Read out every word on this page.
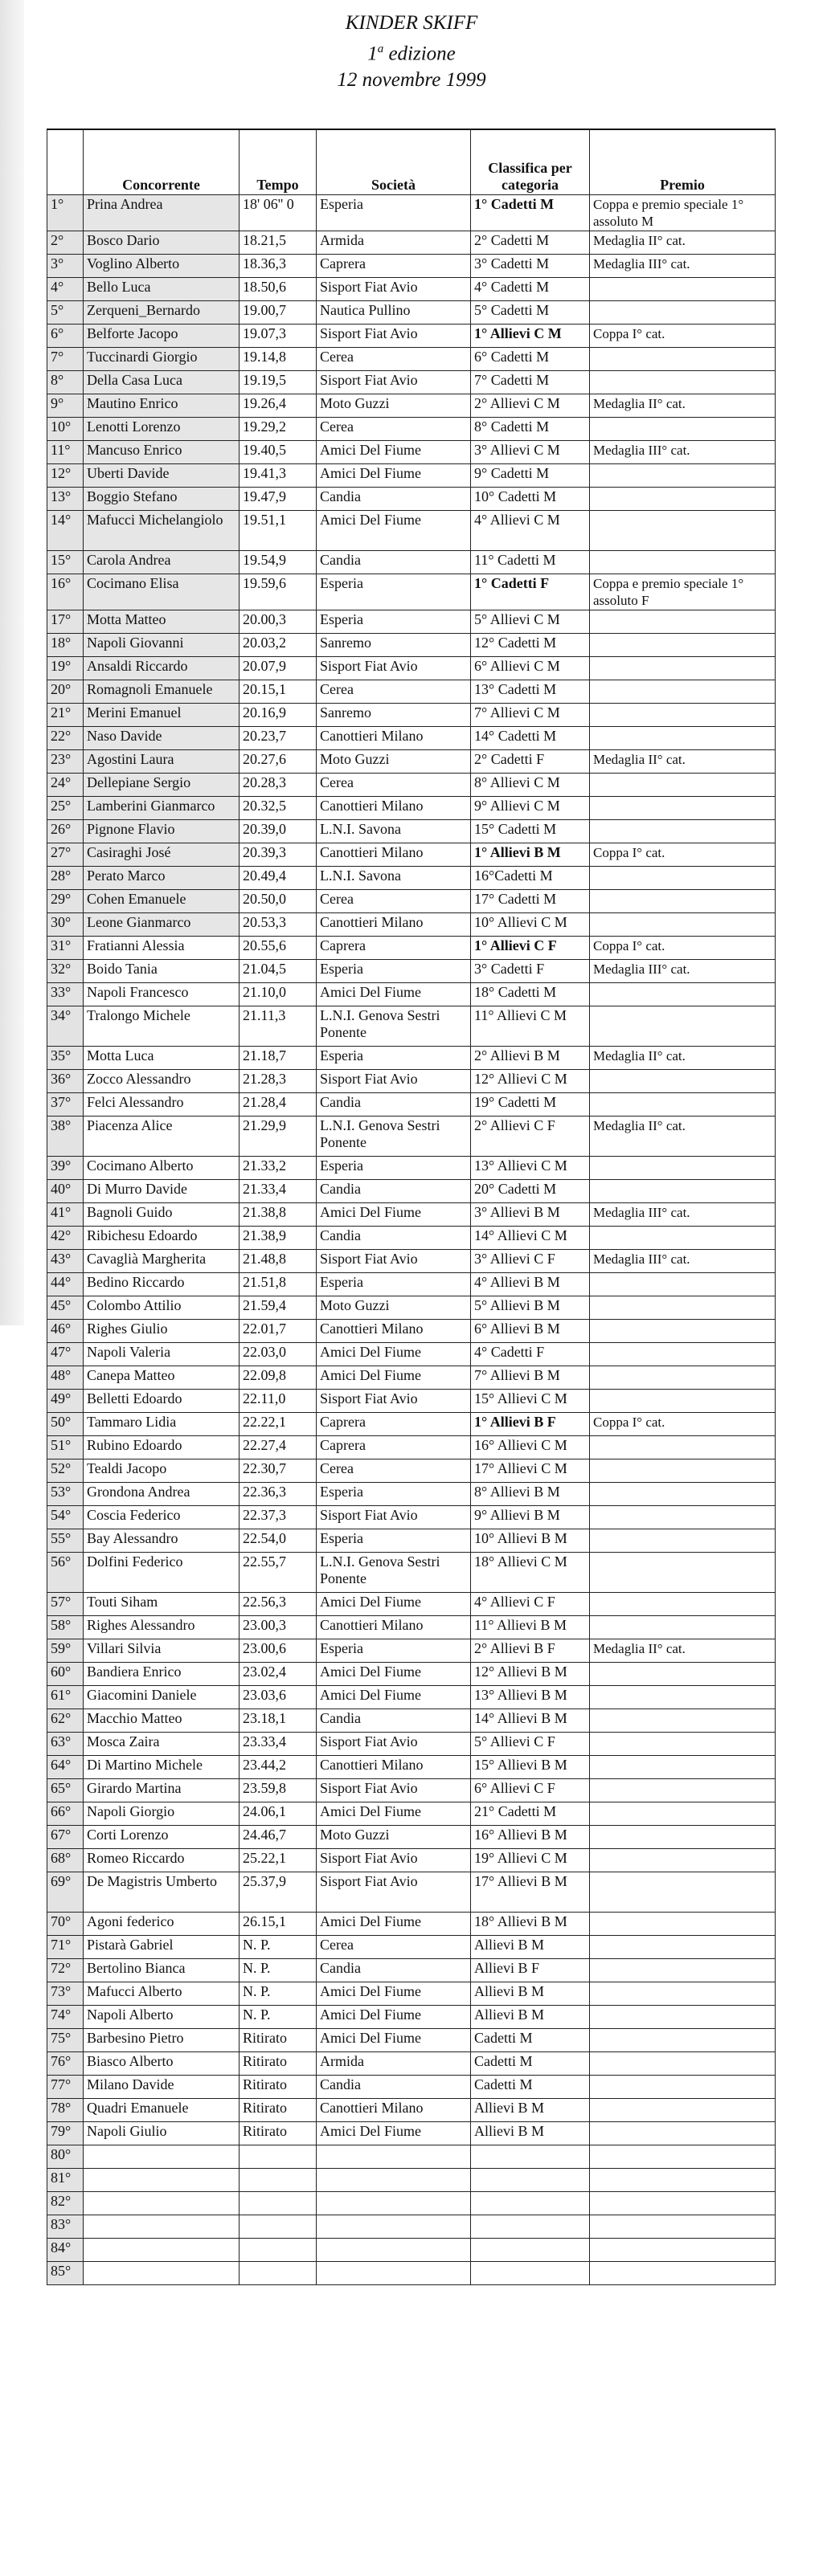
KINDER SKIFF
1$^a$ edizione
12 novembre 1999
	Concorrente	Tempo	Società	Classifica per categoria	Premio
1°	Prina Andrea	18' 06'' 0	Esperia	1° Cadetti M	Coppa e premio speciale 1° assoluto M
2°	Bosco Dario	18.21,5	Armida	2° Cadetti M	Medaglia II° cat.
3°	Voglino Alberto	18.36,3	Caprera	3° Cadetti M	Medaglia III° cat.
4°	Bello Luca	18.50,6	Sisport Fiat Avio	4° Cadetti M	
5°	Zerqueni_Bernardo	19.00,7	Nautica Pullino	5° Cadetti M	
6°	Belforte Jacopo	19.07,3	Sisport Fiat Avio	1° Allievi C M	Coppa I° cat.
7°	Tuccinardi Giorgio	19.14,8	Cerea	6° Cadetti M	
8°	Della Casa Luca	19.19,5	Sisport Fiat Avio	7° Cadetti M	
9°	Mautino Enrico	19.26,4	Moto Guzzi	2° Allievi C M	Medaglia II° cat.
10°	Lenotti Lorenzo	19.29,2	Cerea	8° Cadetti M	
11°	Mancuso Enrico	19.40,5	Amici Del Fiume	3° Allievi C M	Medaglia III° cat.
12°	Uberti Davide	19.41,3	Amici Del Fiume	9° Cadetti M	
13°	Boggio Stefano	19.47,9	Candia	10° Cadetti M	
14°	Mafucci Michelangiolo	19.51,1	Amici Del Fiume	4° Allievi C M	
15°	Carola Andrea	19.54,9	Candia	11° Cadetti M	
16°	Cocimano Elisa	19.59,6	Esperia	1° Cadetti F	Coppa e premio speciale 1° assoluto F
17°	Motta Matteo	20.00,3	Esperia	5° Allievi C M	
18°	Napoli Giovanni	20.03,2	Sanremo	12° Cadetti M	
19°	Ansaldi Riccardo	20.07,9	Sisport Fiat Avio	6° Allievi C M	
20°	Romagnoli Emanuele	20.15,1	Cerea	13° Cadetti M	
21°	Merini Emanuel	20.16,9	Sanremo	7° Allievi C M	
22°	Naso Davide	20.23,7	Canottieri Milano	14° Cadetti M	
23°	Agostini Laura	20.27,6	Moto Guzzi	2° Cadetti F	Medaglia II° cat.
24°	Dellepiane Sergio	20.28,3	Cerea	8° Allievi C M	
25°	Lamberini Gianmarco	20.32,5	Canottieri Milano	9° Allievi C M	
26°	Pignone Flavio	20.39,0	L.N.I. Savona	15° Cadetti M	
27°	Casiraghi José	20.39,3	Canottieri Milano	1° Allievi B M	Coppa I° cat.
28°	Perato Marco	20.49,4	L.N.I. Savona	16°Cadetti M	
29°	Cohen Emanuele	20.50,0	Cerea	17° Cadetti M	
30°	Leone Gianmarco	20.53,3	Canottieri Milano	10° Allievi C M	
31°	Fratianni Alessia	20.55,6	Caprera	1° Allievi C F	Coppa I° cat.
32°	Boido Tania	21.04,5	Esperia	3° Cadetti F	Medaglia III° cat.
33°	Napoli Francesco	21.10,0	Amici Del Fiume	18° Cadetti M	
34°	Tralongo Michele	21.11,3	L.N.I. Genova Sestri Ponente	11° Allievi C M	
35°	Motta Luca	21.18,7	Esperia	2° Allievi B M	Medaglia II° cat.
36°	Zocco Alessandro	21.28,3	Sisport Fiat Avio	12° Allievi C M	
37°	Felci Alessandro	21.28,4	Candia	19° Cadetti M	
38°	Piacenza Alice	21.29,9	L.N.I. Genova Sestri Ponente	2° Allievi C F	Medaglia II° cat.
39°	Cocimano Alberto	21.33,2	Esperia	13° Allievi C M	
40°	Di Murro Davide	21.33,4	Candia	20° Cadetti M	
41°	Bagnoli Guido	21.38,8	Amici Del Fiume	3° Allievi B M	Medaglia III° cat.
42°	Ribichesu Edoardo	21.38,9	Candia	14° Allievi C M	
43°	Cavaglià Margherita	21.48,8	Sisport Fiat Avio	3° Allievi C F	Medaglia III° cat.
44°	Bedino Riccardo	21.51,8	Esperia	4° Allievi B M	
45°	Colombo Attilio	21.59,4	Moto Guzzi	5° Allievi B M	
46°	Righes Giulio	22.01,7	Canottieri Milano	6° Allievi B M	
47°	Napoli Valeria	22.03,0	Amici Del Fiume	4° Cadetti F	
48°	Canepa Matteo	22.09,8	Amici Del Fiume	7° Allievi B M	
49°	Belletti Edoardo	22.11,0	Sisport Fiat Avio	15° Allievi C M	
50°	Tammaro Lidia	22.22,1	Caprera	1° Allievi B F	Coppa I° cat.
51°	Rubino Edoardo	22.27,4	Caprera	16° Allievi C M	
52°	Tealdi Jacopo	22.30,7	Cerea	17° Allievi C M	
53°	Grondona Andrea	22.36,3	Esperia	8° Allievi B M	
54°	Coscia Federico	22.37,3	Sisport Fiat Avio	9° Allievi B M	
55°	Bay Alessandro	22.54,0	Esperia	10° Allievi B M	
56°	Dolfini Federico	22.55,7	L.N.I. Genova Sestri Ponente	18° Allievi C M	
57°	Touti Siham	22.56,3	Amici Del Fiume	4° Allievi C F	
58°	Righes Alessandro	23.00,3	Canottieri Milano	11° Allievi B M	
59°	Villari Silvia	23.00,6	Esperia	2° Allievi B F	Medaglia II° cat.
60°	Bandiera Enrico	23.02,4	Amici Del Fiume	12° Allievi B M	
61°	Giacomini Daniele	23.03,6	Amici Del Fiume	13° Allievi B M	
62°	Macchio Matteo	23.18,1	Candia	14° Allievi B M	
63°	Mosca Zaira	23.33,4	Sisport Fiat Avio	5° Allievi C F	
64°	Di Martino Michele	23.44,2	Canottieri Milano	15° Allievi B M	
65°	Girardo Martina	23.59,8	Sisport Fiat Avio	6° Allievi C F	
66°	Napoli Giorgio	24.06,1	Amici Del Fiume	21° Cadetti M	
67°	Corti Lorenzo	24.46,7	Moto Guzzi	16° Allievi B M	
68°	Romeo Riccardo	25.22,1	Sisport Fiat Avio	19° Allievi C M	
69°	De Magistris Umberto	25.37,9	Sisport Fiat Avio	17° Allievi B M	
70°	Agoni federico	26.15,1	Amici Del Fiume	18° Allievi B M	
71°	Pistarà Gabriel	N. P.	Cerea	Allievi B M	
72°	Bertolino Bianca	N. P.	Candia	Allievi B F	
73°	Mafucci Alberto	N. P.	Amici Del Fiume	Allievi B M	
74°	Napoli Alberto	N. P.	Amici Del Fiume	Allievi B M	
75°	Barbesino Pietro	Ritirato	Amici Del Fiume	Cadetti M	
76°	Biasco Alberto	Ritirato	Armida	Cadetti M	
77°	Milano Davide	Ritirato	Candia	Cadetti M	
78°	Quadri Emanuele	Ritirato	Canottieri Milano	Allievi B M	
79°	Napoli Giulio	Ritirato	Amici Del Fiume	Allievi B M	
80°					
81°					
82°					
83°					
84°					
85°					
